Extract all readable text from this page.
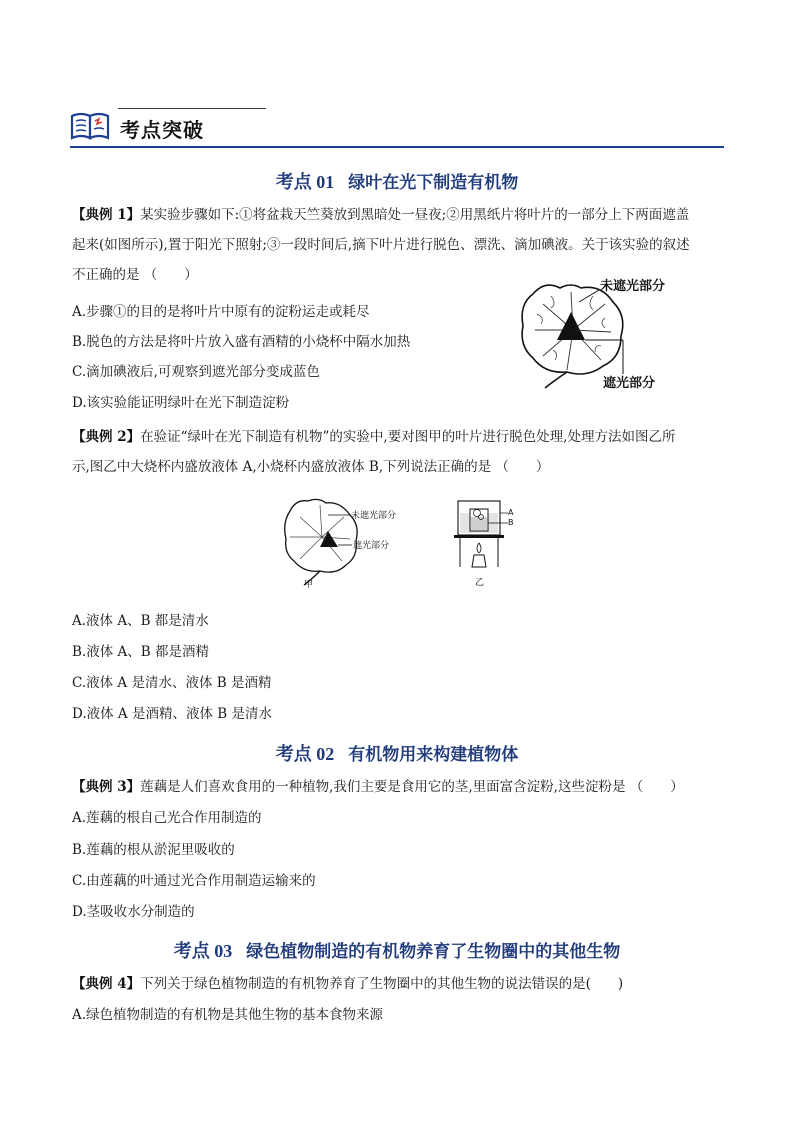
考点突破
考点 01 绿叶在光下制造有机物
【典例 1】某实验步骤如下:①将盆栽天竺葵放到黑暗处一昼夜;②用黑纸片将叶片的一部分上下两面遮盖
起来(如图所示),置于阳光下照射;③一段时间后,摘下叶片进行脱色、漂洗、滴加碘液。关于该实验的叙述
不正确的是 （　　）
A.步骤①的目的是将叶片中原有的淀粉运走或耗尽
B.脱色的方法是将叶片放入盛有酒精的小烧杯中隔水加热
C.滴加碘液后,可观察到遮光部分变成蓝色
D.该实验能证明绿叶在光下制造淀粉
未遮光部分
遮光部分
【典例 2】在验证“绿叶在光下制造有机物”的实验中,要对图甲的叶片进行脱色处理,处理方法如图乙所
示,图乙中大烧杯内盛放液体 A,小烧杯内盛放液体 B,下列说法正确的是 （　　）
未遮光部分
遮光部分
甲
A
B
乙
A.液体 A、B 都是清水
B.液体 A、B 都是酒精
C.液体 A 是清水、液体 B 是酒精
D.液体 A 是酒精、液体 B 是清水
考点 02 有机物用来构建植物体
【典例 3】莲藕是人们喜欢食用的一种植物,我们主要是食用它的茎,里面富含淀粉,这些淀粉是 （　　）
A.莲藕的根自己光合作用制造的
B.莲藕的根从淤泥里吸收的
C.由莲藕的叶通过光合作用制造运输来的
D.茎吸收水分制造的
考点 03 绿色植物制造的有机物养育了生物圈中的其他生物
【典例 4】下列关于绿色植物制造的有机物养育了生物圈中的其他生物的说法错误的是(　　)
A.绿色植物制造的有机物是其他生物的基本食物来源
